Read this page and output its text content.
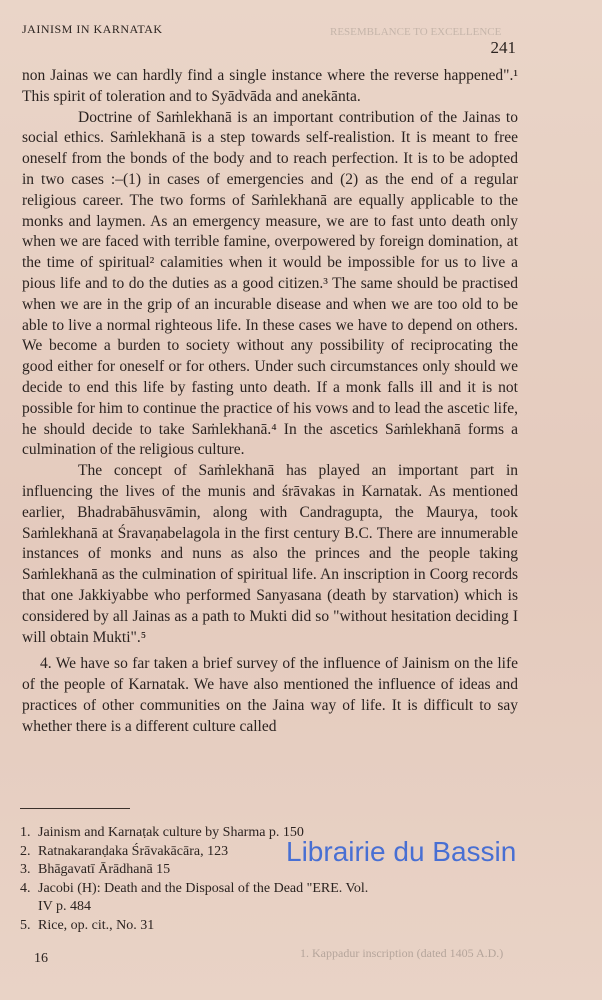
RESEMBLANCE TO EXCELLENCE
JAINISM IN KARNATAK
241

non Jainas we can hardly find a single instance where the reverse happened".¹ This spirit of toleration and to Syādvāda and anekānta.

Doctrine of Saṁlekhanā is an important contribution of the Jainas to social ethics. Saṁlekhanā is a step towards self-realistion. It is meant to free oneself from the bonds of the body and to reach perfection. It is to be adopted in two cases :–(1) in cases of emergencies and (2) as the end of a regular religious career. The two forms of Saṁlekhanā are equally applicable to the monks and laymen. As an emergency measure, we are to fast unto death only when we are faced with terrible famine, overpowered by foreign domination, at the time of spiritual² calamities when it would be impossible for us to live a pious life and to do the duties as a good citizen.³ The same should be practised when we are in the grip of an incurable disease and when we are too old to be able to live a normal righteous life. In these cases we have to depend on others. We become a burden to society without any possibility of reciprocating the good either for oneself or for others. Under such circumstances only should we decide to end this life by fasting unto death. If a monk falls ill and it is not possible for him to continue the practice of his vows and to lead the ascetic life, he should decide to take Saṁlekhanā.⁴ In the ascetics Saṁlekhanā forms a culmination of the religious culture.

The concept of Saṁlekhanā has played an important part in influencing the lives of the munis and śrāvakas in Karnatak. As mentioned earlier, Bhadrabāhusvāmin, along with Candragupta, the Maurya, took Saṁlekhanā at Śravaṇabelagola in the first century B.C. There are innumerable instances of monks and nuns as also the princes and the people taking Saṁlekhanā as the culmination of spiritual life. An inscription in Coorg records that one Jakkiyabbe who performed Sanyasana (death by starvation) which is considered by all Jainas as a path to Mukti did so "without hesitation deciding I will obtain Mukti".⁵

4. We have so far taken a brief survey of the influence of Jainism on the life of the people of Karnatak. We have also mentioned the influence of ideas and practices of other communities on the Jaina way of life. It is difficult to say whether there is a different culture called

1. Jainism and Karnaṭak culture by Sharma p. 150
2. Ratnakaranḍaka Śrāvakācāra, 123
3. Bhāgavatī Ārādhanā 15
4. Jacobi (H): Death and the Disposal of the Dead "ERE. Vol.
IV p. 484
5. Rice, op. cit., No. 31
16	1. Kappadur inscription (dated 1405 A.D.)
Librairie du Bassin
